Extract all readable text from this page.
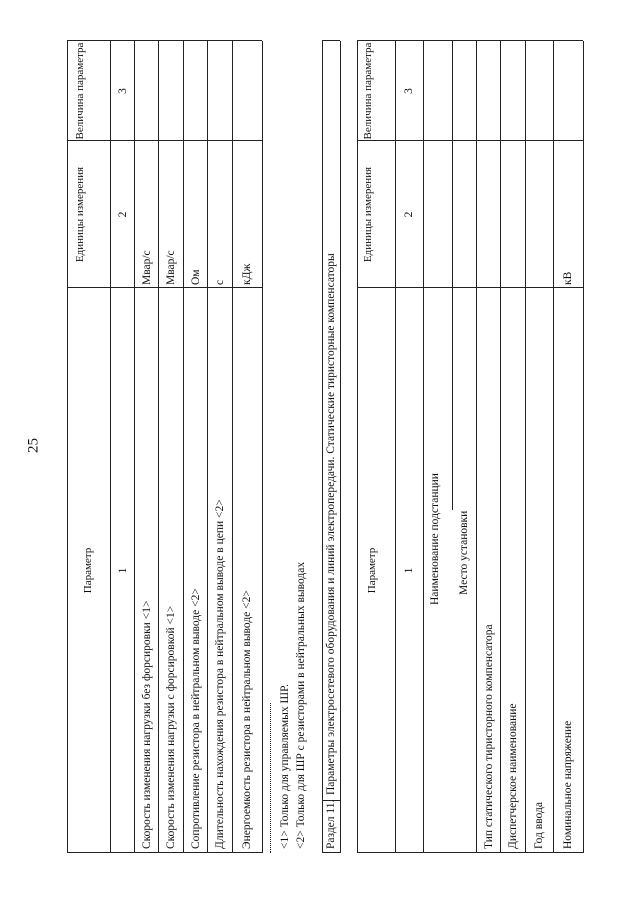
25
Параметр
Единицы измерения
Величина параметра
1
2
3
Скорость изменения нагрузки без форсировки <1>
Мвар/с
Скорость изменения нагрузки с форсировкой <1>
Мвар/с
Сопротивление резистора в нейтральном выводе <2>
Ом
Длительность нахождения резистора в нейтральном выводе в цепи <2>
с
Энергоемкость резистора в нейтральном выводе <2>
кДж
<1> Только для управляемых ШР. <2> Только для ШР с резисторами в нейтральных выводах Раздел 11.
Параметры электросетевого оборудования и линий электропередачи. Статические тиристорные компенсаторы	Параметр
Единицы измерения
Величина параметра
1
2
3
Наименование подстанции Место установки
Тип статического тиристорного компенсатора Диспетчерское наименование Год ввода Номинальное напряжение
кВ
